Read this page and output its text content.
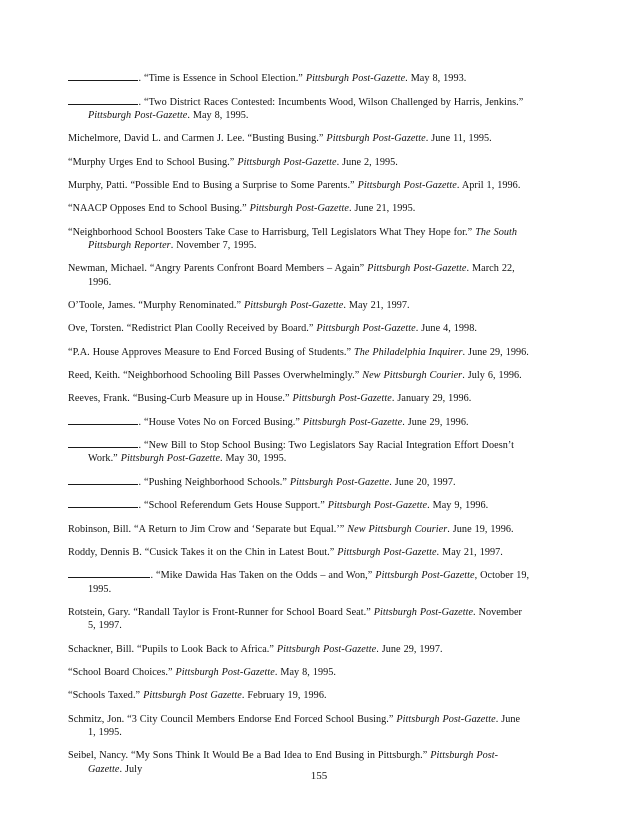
. “Time is Essence in School Election.” Pittsburgh Post-Gazette. May 8, 1993.

. “Two District Races Contested: Incumbents Wood, Wilson Challenged by Harris, Jenkins.” Pittsburgh Post-Gazette. May 8, 1995.

Michelmore, David L. and Carmen J. Lee. “Busting Busing.” Pittsburgh Post-Gazette. June 11, 1995.

“Murphy Urges End to School Busing.” Pittsburgh Post-Gazette. June 2, 1995.

Murphy, Patti. “Possible End to Busing a Surprise to Some Parents.” Pittsburgh Post-Gazette. April 1, 1996.

“NAACP Opposes End to School Busing.” Pittsburgh Post-Gazette. June 21, 1995.

“Neighborhood School Boosters Take Case to Harrisburg, Tell Legislators What They Hope for.” The South Pittsburgh Reporter. November 7, 1995.

Newman, Michael. “Angry Parents Confront Board Members – Again” Pittsburgh Post-Gazette. March 22, 1996.

O’Toole, James. “Murphy Renominated.” Pittsburgh Post-Gazette. May 21, 1997.

Ove, Torsten. “Redistrict Plan Coolly Received by Board.” Pittsburgh Post-Gazette. June 4, 1998.

“P.A. House Approves Measure to End Forced Busing of Students.” The Philadelphia Inquirer. June 29, 1996.

Reed, Keith. “Neighborhood Schooling Bill Passes Overwhelmingly.” New Pittsburgh Courier. July 6, 1996.

Reeves, Frank. “Busing-Curb Measure up in House.” Pittsburgh Post-Gazette. January 29, 1996.

. “House Votes No on Forced Busing.” Pittsburgh Post-Gazette. June 29, 1996.

. “New Bill to Stop School Busing: Two Legislators Say Racial Integration Effort Doesn’t Work.” Pittsburgh Post-Gazette. May 30, 1995.

. “Pushing Neighborhood Schools.” Pittsburgh Post-Gazette. June 20, 1997.

. “School Referendum Gets House Support.” Pittsburgh Post-Gazette. May 9, 1996.

Robinson, Bill. “A Return to Jim Crow and ‘Separate but Equal.’” New Pittsburgh Courier. June 19, 1996.

Roddy, Dennis B. “Cusick Takes it on the Chin in Latest Bout.” Pittsburgh Post-Gazette. May 21, 1997.

. “Mike Dawida Has Taken on the Odds – and Won,” Pittsburgh Post-Gazette, October 19, 1995.

Rotstein, Gary. “Randall Taylor is Front-Runner for School Board Seat.” Pittsburgh Post-Gazette. November 5, 1997.

Schackner, Bill. “Pupils to Look Back to Africa.” Pittsburgh Post-Gazette. June 29, 1997.

“School Board Choices.” Pittsburgh Post-Gazette. May 8, 1995.

“Schools Taxed.” Pittsburgh Post Gazette. February 19, 1996.

Schmitz, Jon. “3 City Council Members Endorse End Forced School Busing.” Pittsburgh Post-Gazette. June 1, 1995.

Seibel, Nancy. “My Sons Think It Would Be a Bad Idea to End Busing in Pittsburgh.” Pittsburgh Post-Gazette. July

155
